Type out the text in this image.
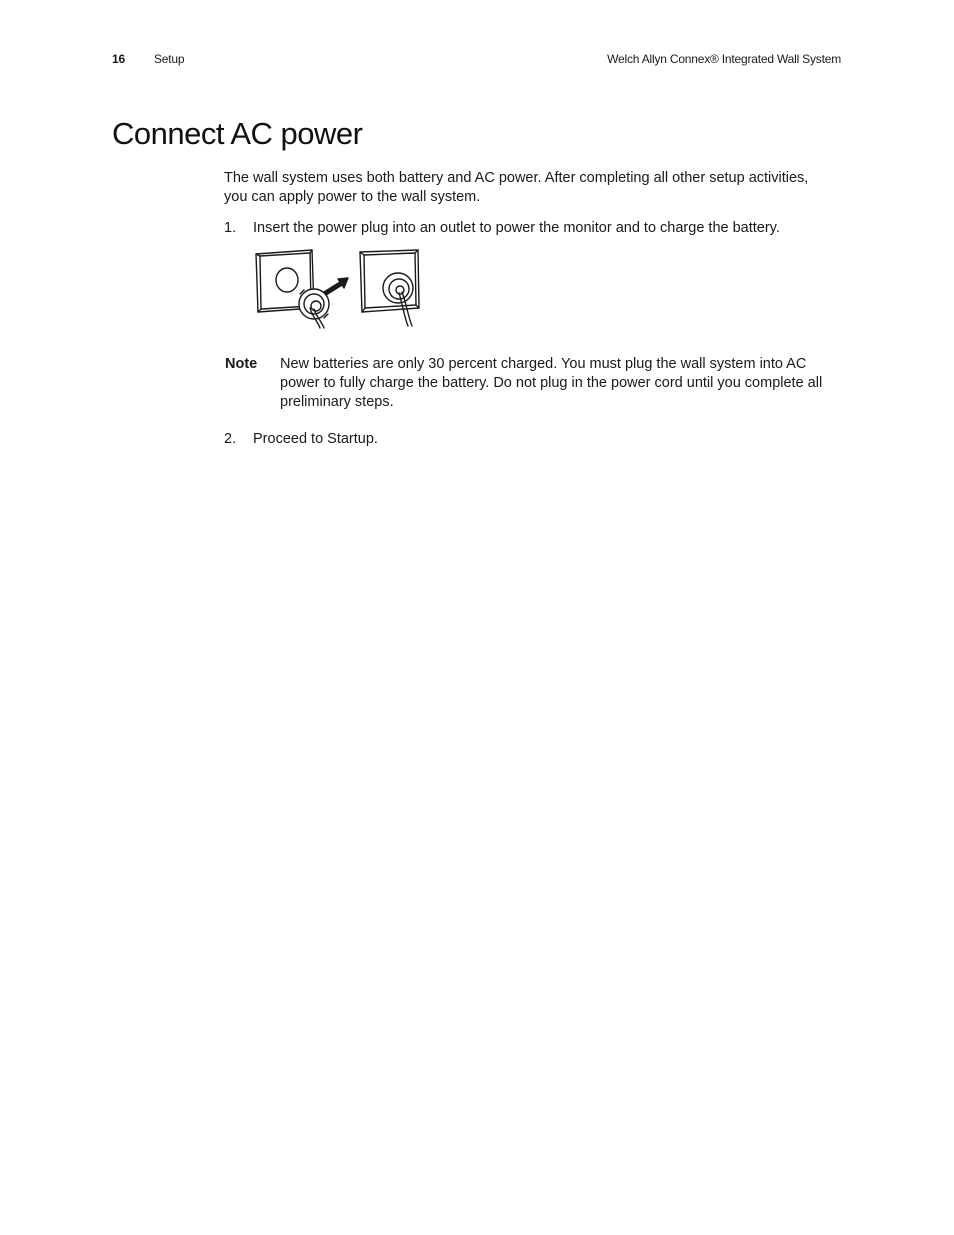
16 Setup	Welch Allyn Connex® Integrated Wall System
Connect AC power

The wall system uses both battery and AC power. After completing all other setup activities, you can apply power to the wall system.

1. Insert the power plug into an outlet to power the monitor and to charge the battery.
Note New batteries are only 30 percent charged. You must plug the wall system into AC power to fully charge the battery. Do not plug in the power cord until you complete all preliminary steps.

2. Proceed to Startup.
